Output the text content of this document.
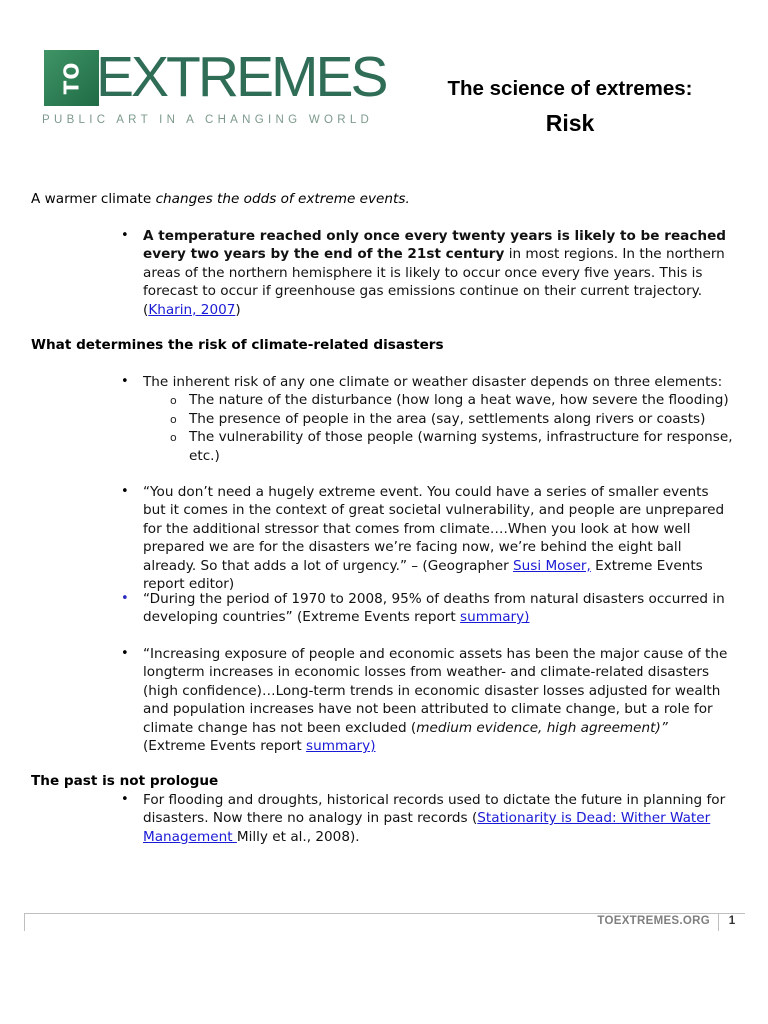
TO EXTREMES
PUBLIC ART IN A CHANGING WORLD
The science of extremes:
Risk
A warmer climate changes the odds of extreme events.
• A temperature reached only once every twenty years is likely to be reached every two years by the end of the 21st century in most regions. In the northern areas of the northern hemisphere it is likely to occur once every five years. This is forecast to occur if greenhouse gas emissions continue on their current trajectory. (Kharin, 2007)
What determines the risk of climate-related disasters
• The inherent risk of any one climate or weather disaster depends on three elements:
o The nature of the disturbance (how long a heat wave, how severe the flooding)
o The presence of people in the area (say, settlements along rivers or coasts)
o The vulnerability of those people (warning systems, infrastructure for response, etc.)
• “You don’t need a hugely extreme event. You could have a series of smaller events but it comes in the context of great societal vulnerability, and people are unprepared for the additional stressor that comes from climate….When you look at how well prepared we are for the disasters we’re facing now, we’re behind the eight ball already. So that adds a lot of urgency.” – (Geographer Susi Moser, Extreme Events report editor)
• “During the period of 1970 to 2008, 95% of deaths from natural disasters occurred in developing countries” (Extreme Events report summary)
• “Increasing exposure of people and economic assets has been the major cause of the longterm increases in economic losses from weather- and climate-related disasters (high confidence)…Long-term trends in economic disaster losses adjusted for wealth and population increases have not been attributed to climate change, but a role for climate change has not been excluded (medium evidence, high agreement)” (Extreme Events report summary)
The past is not prologue
• For flooding and droughts, historical records used to dictate the future in planning for disasters. Now there no analogy in past records (Stationarity is Dead: Wither Water Management Milly et al., 2008).
TOEXTREMES.ORG	1
